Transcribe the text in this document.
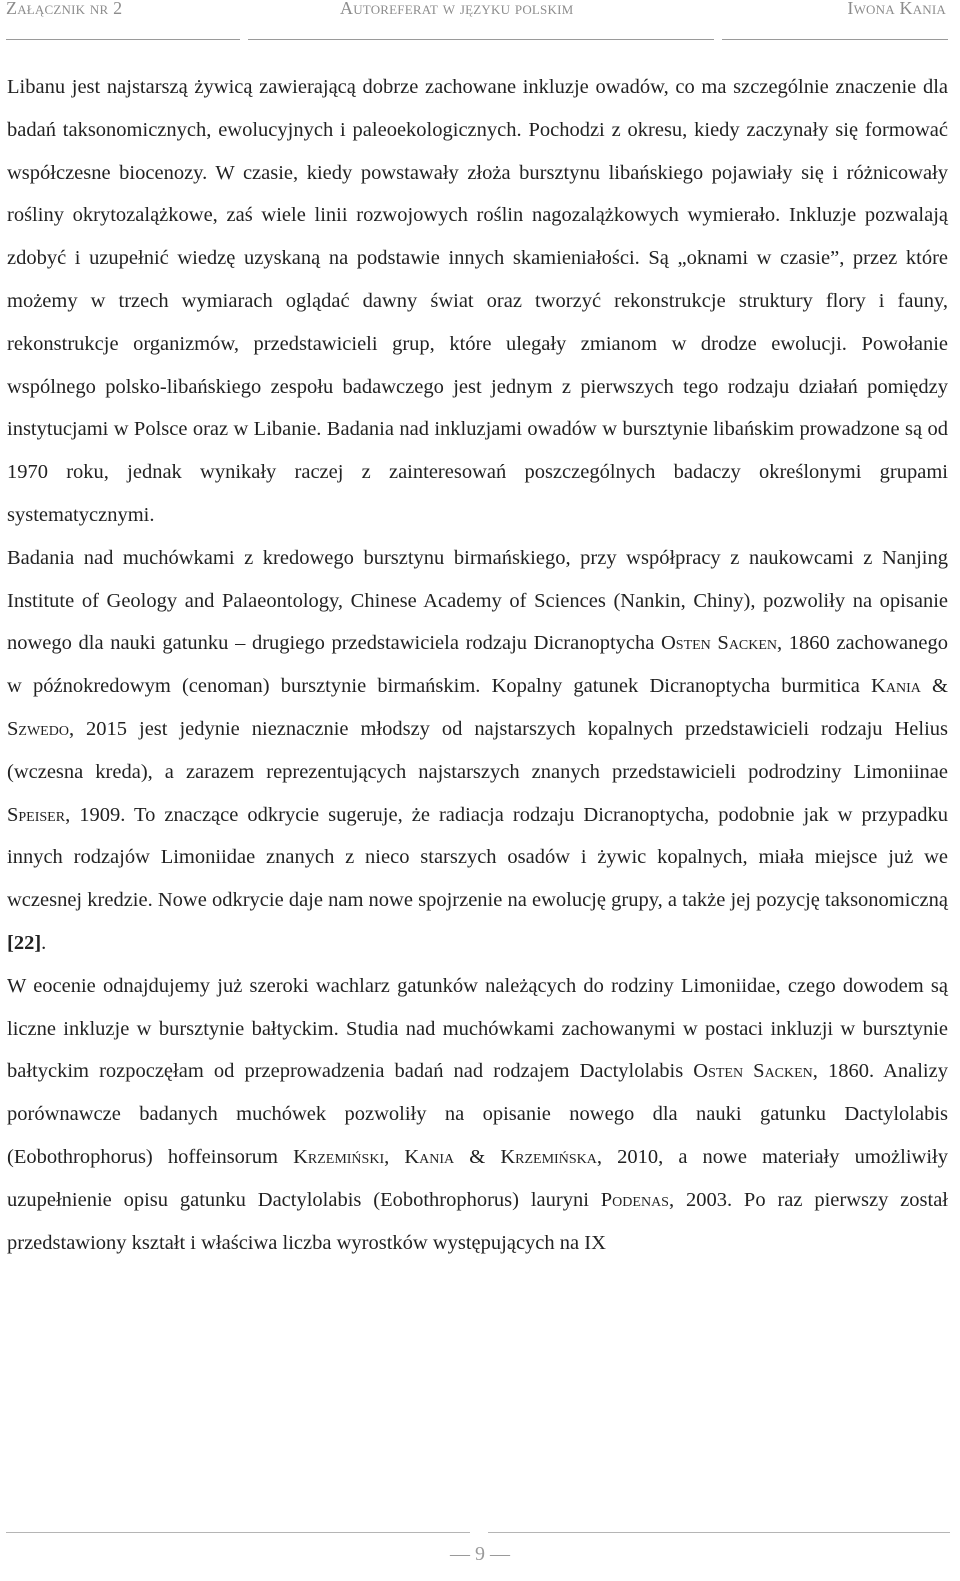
Załącznik nr 2	Autoreferat w języku polskim	Iwona Kania

Libanu jest najstarszą żywicą zawierającą dobrze zachowane inkluzje owadów, co ma szczególnie znaczenie dla badań taksonomicznych, ewolucyjnych i paleoekologicznych. Pochodzi z okresu, kiedy zaczynały się formować współczesne biocenozy. W czasie, kiedy powstawały złoża bursztynu libańskiego pojawiały się i różnicowały rośliny okrytozalążkowe, zaś wiele linii rozwojowych roślin nagozalążkowych wymierało. Inkluzje pozwalają zdobyć i uzupełnić wiedzę uzyskaną na podstawie innych skamieniałości. Są „oknami w czasie”, przez które możemy w trzech wymiarach oglądać dawny świat oraz tworzyć rekonstrukcje struktury flory i fauny, rekonstrukcje organizmów, przedstawicieli grup, które ulegały zmianom w drodze ewolucji. Powołanie wspólnego polsko-libańskiego zespołu badawczego jest jednym z pierwszych tego rodzaju działań pomiędzy instytucjami w Polsce oraz w Libanie. Badania nad inkluzjami owadów w bursztynie libańskim prowadzone są od 1970 roku, jednak wynikały raczej z zainteresowań poszczególnych badaczy określonymi grupami systematycznymi.

Badania nad muchówkami z kredowego bursztynu birmańskiego, przy współpracy z naukowcami z Nanjing Institute of Geology and Palaeontology, Chinese Academy of Sciences (Nankin, Chiny), pozwoliły na opisanie nowego dla nauki gatunku – drugiego przedstawiciela rodzaju Dicranoptycha Osten Sacken, 1860 zachowanego w późnokredowym (cenoman) bursztynie birmańskim. Kopalny gatunek Dicranoptycha burmitica Kania & Szwedo, 2015 jest jedynie nieznacznie młodszy od najstarszych kopalnych przedstawicieli rodzaju Helius (wczesna kreda), a zarazem reprezentujących najstarszych znanych przedstawicieli podrodziny Limoniinae Speiser, 1909. To znaczące odkrycie sugeruje, że radiacja rodzaju Dicranoptycha, podobnie jak w przypadku innych rodzajów Limoniidae znanych z nieco starszych osadów i żywic kopalnych, miała miejsce już we wczesnej kredzie. Nowe odkrycie daje nam nowe spojrzenie na ewolucję grupy, a także jej pozycję taksonomiczną [22].

W eocenie odnajdujemy już szeroki wachlarz gatunków należących do rodziny Limoniidae, czego dowodem są liczne inkluzje w bursztynie bałtyckim. Studia nad muchówkami zachowanymi w postaci inkluzji w bursztynie bałtyckim rozpoczęłam od przeprowadzenia badań nad rodzajem Dactylolabis Osten Sacken, 1860. Analizy porównawcze badanych muchówek pozwoliły na opisanie nowego dla nauki gatunku Dactylolabis (Eobothrophorus) hoffeinsorum Krzemiński, Kania & Krzemińska, 2010, a nowe materiały umożliwiły uzupełnienie opisu gatunku Dactylolabis (Eobothrophorus) lauryni Podenas, 2003. Po raz pierwszy został przedstawiony kształt i właściwa liczba wyrostków występujących na IX

— 9 —
